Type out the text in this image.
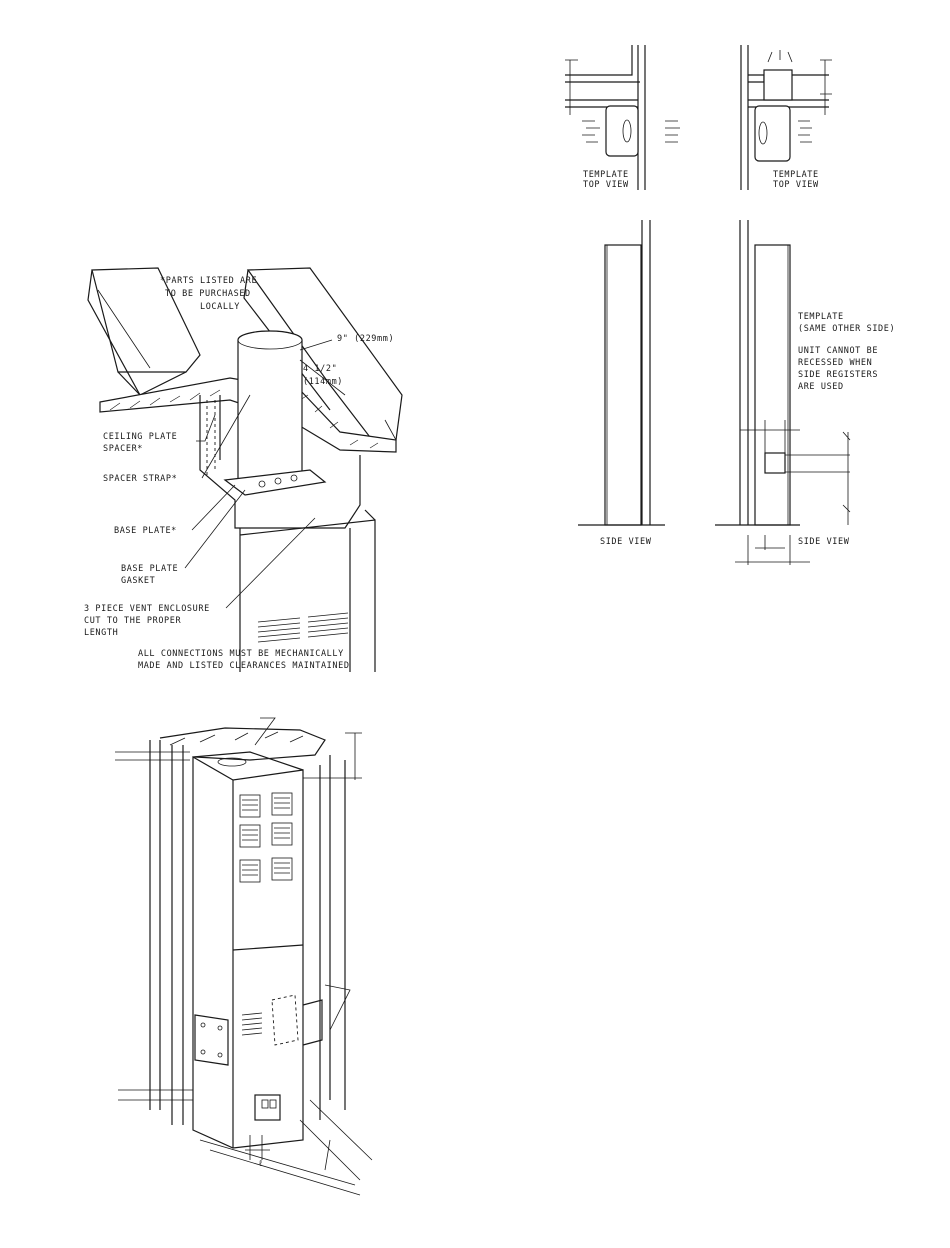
*PARTS LISTED ARE
TO BE PURCHASED
LOCALLY
9" (229mm)
4 1/2"
(114mm)
CEILING PLATE
SPACER*
SPACER STRAP*
BASE PLATE*
BASE PLATE
GASKET
3 PIECE VENT ENCLOSURE
CUT TO THE PROPER
LENGTH
ALL CONNECTIONS MUST BE MECHANICALLY
MADE AND LISTED CLEARANCES MAINTAINED
TEMPLATE
TOP VIEW
TEMPLATE
TOP VIEW
SIDE VIEW
TEMPLATE
(SAME OTHER SIDE)
UNIT CANNOT BE
RECESSED WHEN
SIDE REGISTERS
ARE USED
SIDE VIEW
ℓ
